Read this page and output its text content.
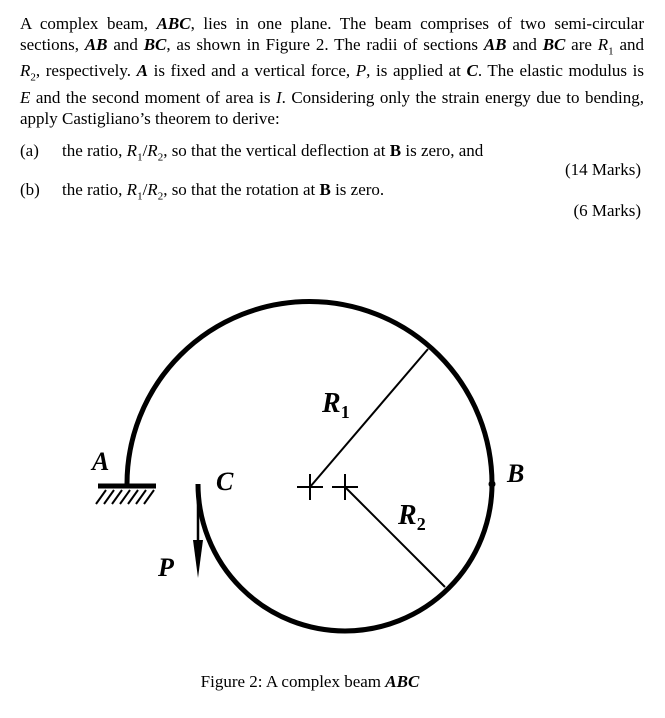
A complex beam, ABC, lies in one plane. The beam comprises of two semi-circular
sections, AB and BC, as shown in Figure 2. The radii of sections AB and BC are $R_1$ and
$R_2$, respectively. A is fixed and a vertical force, P, is applied at C. The elastic modulus is
E and the second moment of area is I. Considering only the strain energy due to bending,
apply Castigliano’s theorem to derive:
(a) the ratio, $R_1/R_2$, so that the vertical deflection at B is zero, and
(14 Marks)
(b) the ratio, $R_1/R_2$, so that the rotation at B is zero.
(6 Marks)
A	B
C
P
R1
R2
Figure 2: A complex beam ABC
